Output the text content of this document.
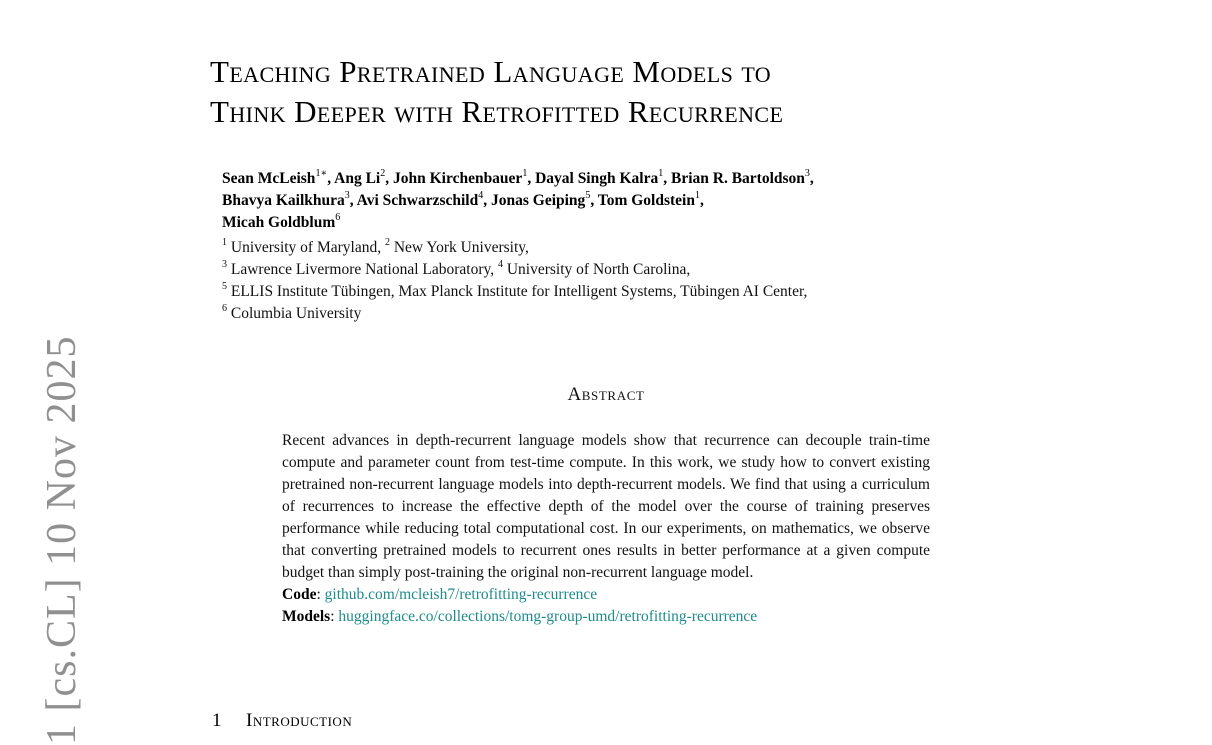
1 [cs.CL] 10 Nov 2025
Teaching Pretrained Language Models to
Think Deeper with Retrofitted Recurrence
Sean McLeish$^{1∗}$, Ang Li$^2$, John Kirchenbauer$^1$, Dayal Singh Kalra$^1$, Brian R. Bartoldson$^3$,
Bhavya Kailkhura$^3$, Avi Schwarzschild$^4$, Jonas Geiping$^5$, Tom Goldstein$^1$,
Micah Goldblum$^6$
$^1$ University of Maryland, $^2$ New York University,
$^3$ Lawrence Livermore National Laboratory, $^4$ University of North Carolina,
$^5$ ELLIS Institute Tübingen, Max Planck Institute for Intelligent Systems, Tübingen AI Center,
$^6$ Columbia University
Abstract

Recent advances in depth-recurrent language models show that recurrence can decouple train-time compute and parameter count from test-time compute. In this work, we study how to convert existing pretrained non-recurrent language models into depth-recurrent models. We find that using a curriculum of recurrences to increase the effective depth of the model over the course of training preserves performance while reducing total computational cost. In our experiments, on mathematics, we observe that converting pretrained models to recurrent ones results in better performance at a given compute budget than simply post-training the original non-recurrent language model.

Code: github.com/mcleish7/retrofitting-recurrence
Models: huggingface.co/collections/tomg-group-umd/retrofitting-recurrence
1 Introduction
